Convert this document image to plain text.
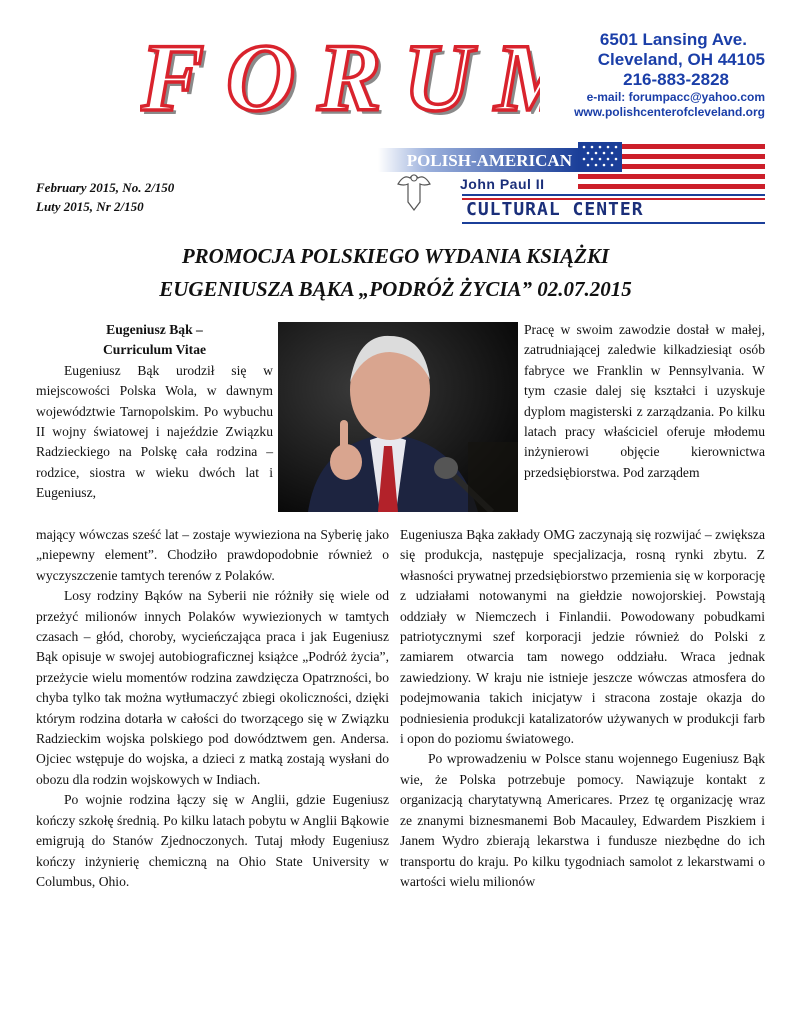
FORU
FORU	6501 Lansing Ave.
Cleveland, OH 44105
216-883-2828
e-mail: forumpacc@yahoo.com
www.polishcenterofcleveland.org
February 2015, No. 2/150
Luty 2015, Nr 2/150
POLISH-AMERICAN
John Paul II
CULTURAL CENTER
PROMOCJA POLSKIEGO WYDANIA KSIĄŻKI
EUGENIUSZA BĄKA „PODRÓŻ ŻYCIA” 02.07.2015
Eugeniusz Bąk –
Curriculum Vitae

Eugeniusz Bąk urodził się w miejscowości Polska Wola, w dawnym województwie Tarnopolskim. Po wybuchu II wojny światowej i najeździe Związku Radzieckiego na Polskę cała rodzina – rodzice, siostra w wieku dwóch lat i Eugeniusz,

mający wówczas sześć lat – zostaje wywieziona na Syberię jako „niepewny element”. Chodziło prawdopodobnie również o wyczyszczenie tamtych terenów z Polaków.

Losy rodziny Bąków na Syberii nie różniły się wiele od przeżyć milionów innych Polaków wywiezionych w tamtych czasach – głód, choroby, wycieńczająca praca i jak Eugeniusz Bąk opisuje w swojej autobiograficznej książce „Podróż życia”, przeżycie wielu momentów rodzina zawdzięcza Opatrzności, bo chyba tylko tak można wytłumaczyć zbiegi okoliczności, dzięki którym rodzina dotarła w całości do tworzącego się w Związku Radzieckim wojska polskiego pod dowództwem gen. Andersa. Ojciec wstępuje do wojska, a dzieci z matką zostają wysłani do obozu dla rodzin wojskowych w Indiach.

Po wojnie rodzina łączy się w Anglii, gdzie Eugeniusz kończy szkołę średnią. Po kilku latach pobytu w Anglii Bąkowie emigrują do Stanów Zjednoczonych. Tutaj młody Eugeniusz kończy inżynierię chemiczną na Ohio State University w Columbus, Ohio.

Pracę w swoim zawodzie dostał w małej, zatrudniającej zaledwie kilkadziesiąt osób fabryce we Franklin w Pennsylvania. W tym czasie dalej się kształci i uzyskuje dyplom magisterski z zarządzania. Po kilku latach pracy właściciel oferuje młodemu inżynierowi objęcie kierownictwa przedsiębiorstwa. Pod zarządem

Eugeniusza Bąka zakłady OMG zaczynają się rozwijać – zwiększa się produkcja, następuje specjalizacja, rosną rynki zbytu. Z własności prywatnej przedsiębiorstwo przemienia się w korporację z udziałami notowanymi na giełdzie nowojorskiej. Powstają oddziały w Niemczech i Finlandii. Powodowany pobudkami patriotycznymi szef korporacji jedzie również do Polski z zamiarem otwarcia tam nowego oddziału. Wraca jednak zawiedziony. W kraju nie istnieje jeszcze wówczas atmosfera do podejmowania takich inicjatyw i stracona zostaje okazja do podniesienia produkcji katalizatorów używanych w produkcji farb i opon do poziomu światowego.

Po wprowadzeniu w Polsce stanu wojennego Eugeniusz Bąk wie, że Polska potrzebuje pomocy. Nawiązuje kontakt z organizacją charytatywną Americares. Przez tę organizację wraz ze znanymi biznesmanemi Bob Macauley, Edwardem Piszkiem i Janem Wydro zbierają lekarstwa i fundusze niezbędne do ich transportu do kraju. Po kilku tygodniach samolot z lekarstwami o wartości wielu milionów
